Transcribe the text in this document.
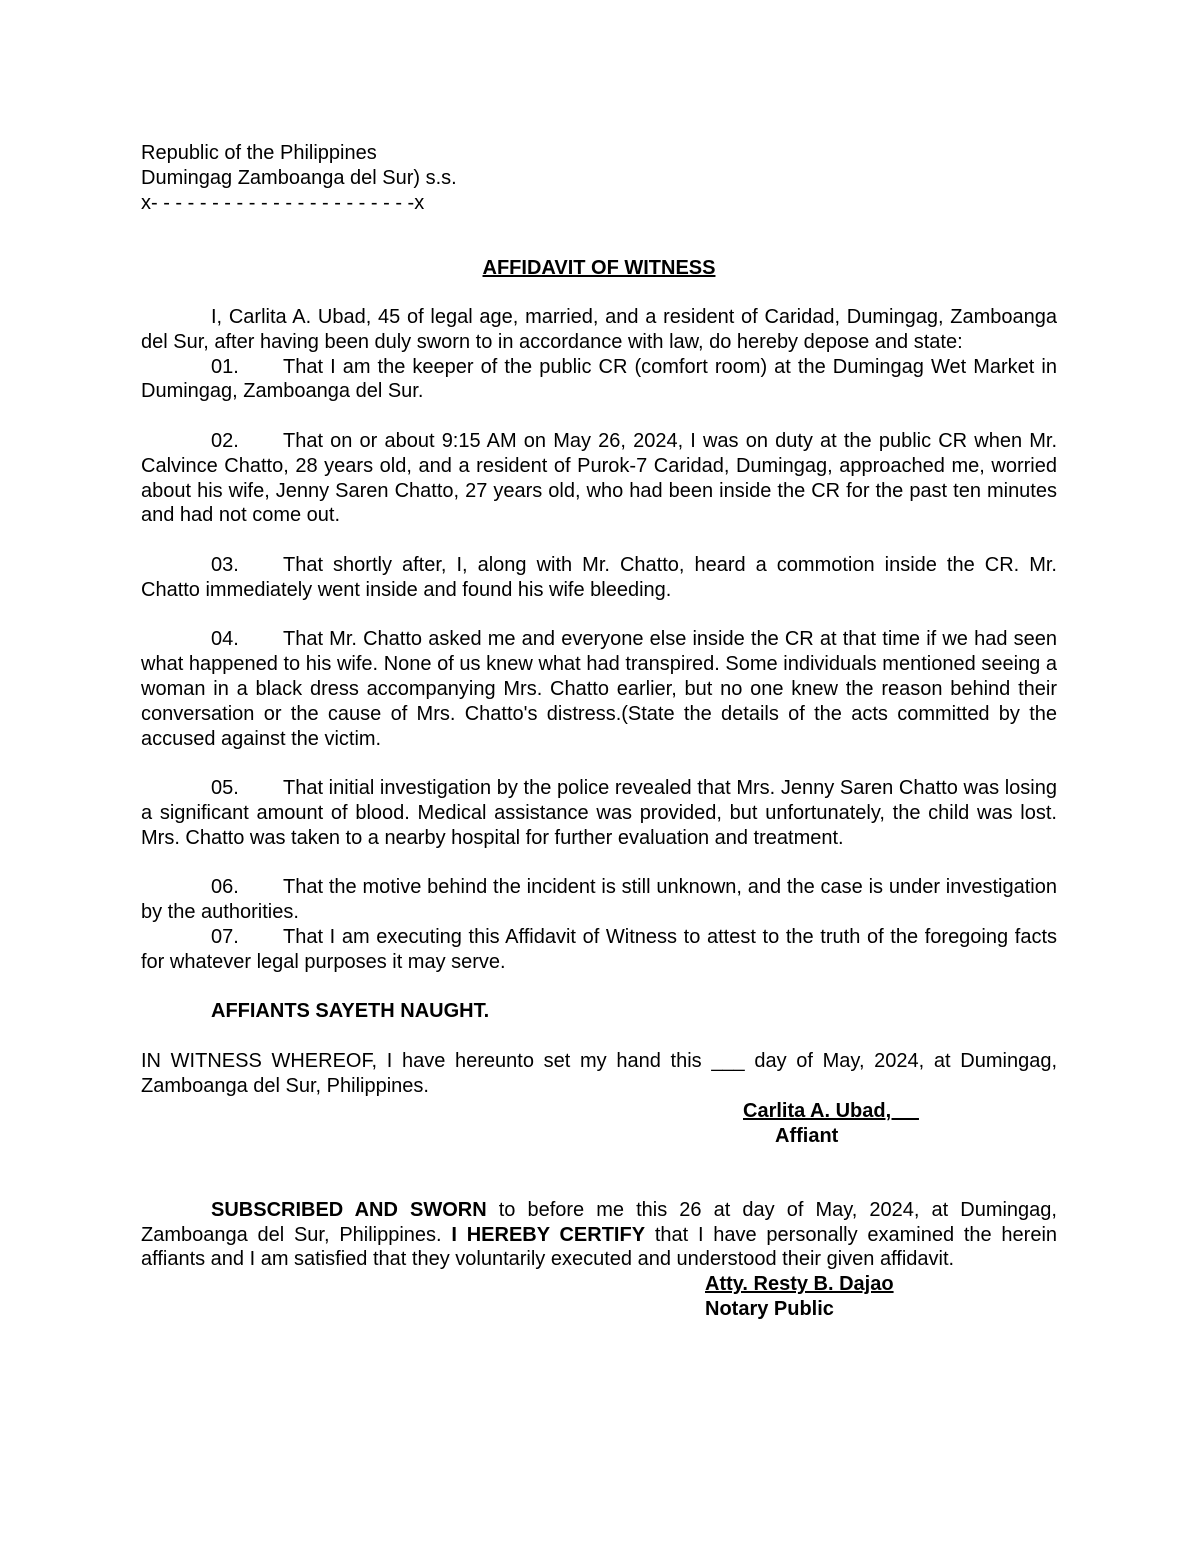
Republic of the Philippines
Dumingag Zamboanga del Sur) s.s.
x- - - - - - - - - - - - - - - - - - - - - -x
AFFIDAVIT OF WITNESS

I, Carlita A. Ubad, 45 of legal age, married, and a resident of Caridad, Dumingag, Zamboanga del Sur, after having been duly sworn to in accordance with law, do hereby depose and state:

01. That I am the keeper of the public CR (comfort room) at the Dumingag Wet Market in Dumingag, Zamboanga del Sur.

02. That on or about 9:15 AM on May 26, 2024, I was on duty at the public CR when Mr. Calvince Chatto, 28 years old, and a resident of Purok-7 Caridad, Dumingag, approached me, worried about his wife, Jenny Saren Chatto, 27 years old, who had been inside the CR for the past ten minutes and had not come out.

03. That shortly after, I, along with Mr. Chatto, heard a commotion inside the CR. Mr. Chatto immediately went inside and found his wife bleeding.

04. That Mr. Chatto asked me and everyone else inside the CR at that time if we had seen what happened to his wife. None of us knew what had transpired. Some individuals mentioned seeing a woman in a black dress accompanying Mrs. Chatto earlier, but no one knew the reason behind their conversation or the cause of Mrs. Chatto's distress.(State the details of the acts committed by the accused against the victim.

05. That initial investigation by the police revealed that Mrs. Jenny Saren Chatto was losing a significant amount of blood. Medical assistance was provided, but unfortunately, the child was lost. Mrs. Chatto was taken to a nearby hospital for further evaluation and treatment.

06. That the motive behind the incident is still unknown, and the case is under investigation by the authorities.

07. That I am executing this Affidavit of Witness to attest to the truth of the foregoing facts for whatever legal purposes it may serve.

AFFIANTS SAYETH NAUGHT.

IN WITNESS WHEREOF, I have hereunto set my hand this ___ day of May, 2024, at Dumingag, Zamboanga del Sur, Philippines.

Carlita A. Ubad,
Affiant

SUBSCRIBED AND SWORN to before me this 26 at day of May, 2024, at Dumingag, Zamboanga del Sur, Philippines. I HEREBY CERTIFY that I have personally examined the herein affiants and I am satisfied that they voluntarily executed and understood their given affidavit.

Atty. Resty B. Dajao
Notary Public
